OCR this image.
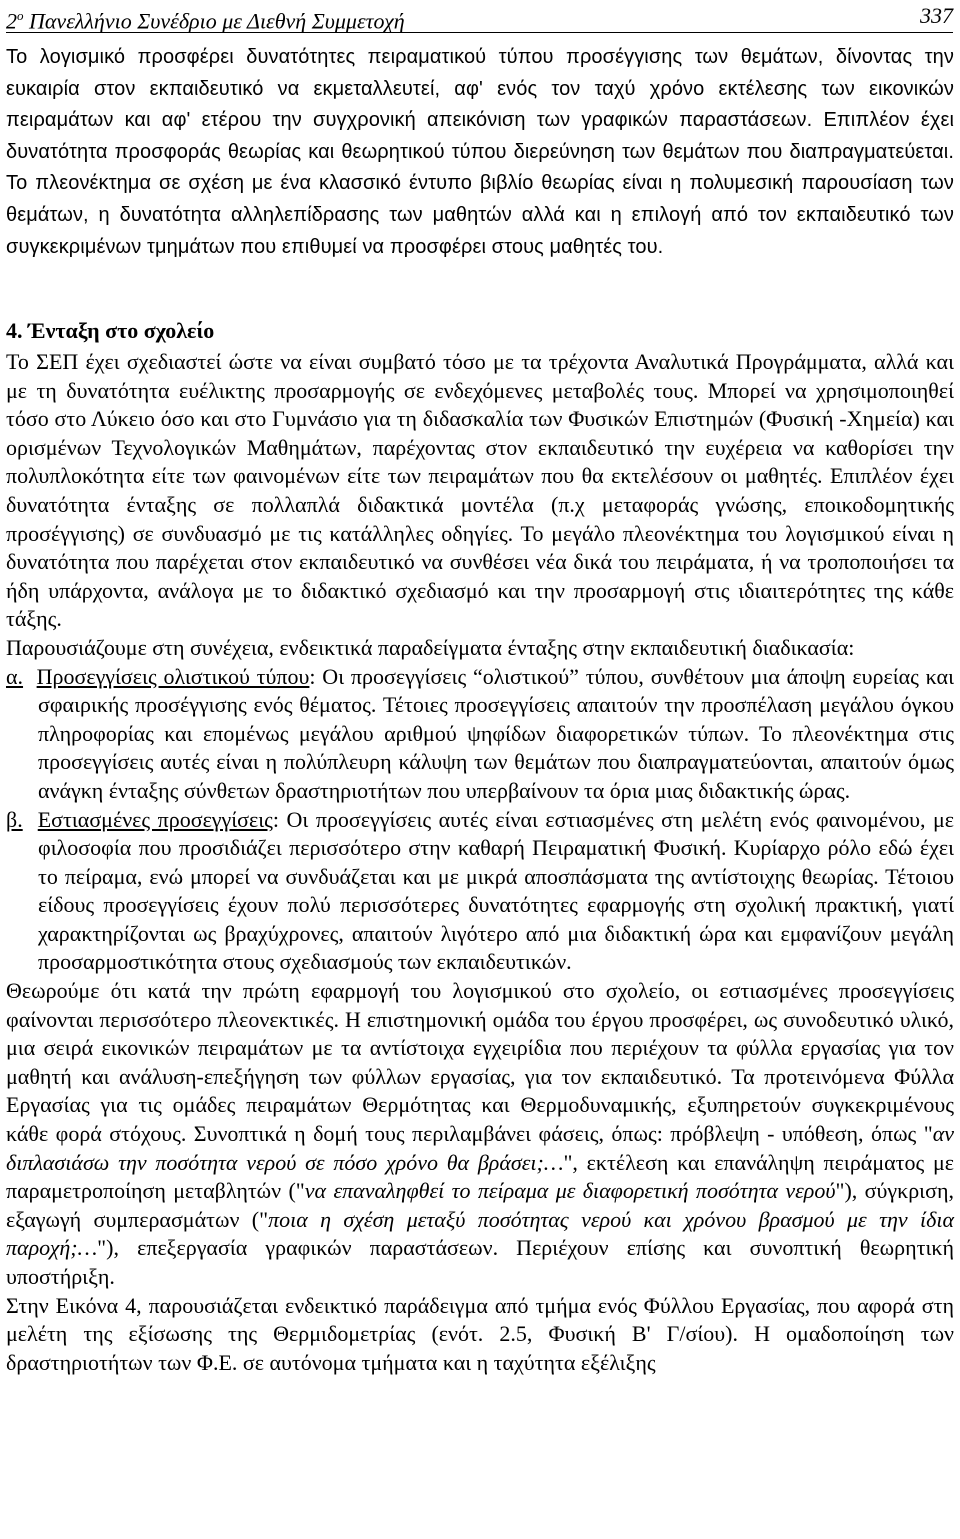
$2^o$ Πανελλήνιο Συνέδριο με Διεθνή Συμμετοχή	337
Το λογισμικό προσφέρει δυνατότητες πειραματικού τύπου προσέγγισης των θεμάτων, δίνοντας την ευκαιρία στον εκπαιδευτικό να εκμεταλλευτεί, αφ' ενός τον ταχύ χρόνο εκτέλεσης των εικονικών πειραμάτων και αφ' ετέρου την συγχρονική απεικόνιση των γραφικών παραστάσεων. Επιπλέον έχει δυνατότητα προσφοράς θεωρίας και θεωρητικού τύπου διερεύνηση των θεμάτων που διαπραγματεύεται. Το πλεονέκτημα σε σχέση με ένα κλασσικό έντυπο βιβλίο θεωρίας είναι η πολυμεσική παρουσίαση των θεμάτων, η δυνατότητα αλληλεπίδρασης των μαθητών αλλά και η επιλογή από τον εκπαιδευτικό των συγκεκριμένων τμημάτων που επιθυμεί να προσφέρει στους μαθητές του.
4. Ένταξη στο σχολείο
Το ΣΕΠ έχει σχεδιαστεί ώστε να είναι συμβατό τόσο με τα τρέχοντα Αναλυτικά Προγράμματα, αλλά και με τη δυνατότητα ευέλικτης προσαρμογής σε ενδεχόμενες μεταβολές τους. Μπορεί να χρησιμοποιηθεί τόσο στο Λύκειο όσο και στο Γυμνάσιο για τη διδασκαλία των Φυσικών Επιστημών (Φυσική -Χημεία) και ορισμένων Τεχνολογικών Μαθημάτων, παρέχοντας στον εκπαιδευτικό την ευχέρεια να καθορίσει την πολυπλοκότητα είτε των φαινομένων είτε των πειραμάτων που θα εκτελέσουν οι μαθητές. Επιπλέον έχει δυνατότητα ένταξης σε πολλαπλά διδακτικά μοντέλα (π.χ μεταφοράς γνώσης, εποικοδομητικής προσέγγισης) σε συνδυασμό με τις κατάλληλες οδηγίες. Το μεγάλο πλεονέκτημα του λογισμικού είναι η δυνατότητα που παρέχεται στον εκπαιδευτικό να συνθέσει νέα δικά του πειράματα, ή να τροποποιήσει τα ήδη υπάρχοντα, ανάλογα με το διδακτικό σχεδιασμό και την προσαρμογή στις ιδιαιτερότητες της κάθε τάξης.
Παρουσιάζουμε στη συνέχεια, ενδεικτικά παραδείγματα ένταξης στην εκπαιδευτική διαδικασία:
α. Προσεγγίσεις ολιστικού τύπου: Οι προσεγγίσεις “ολιστικού” τύπου, συνθέτουν μια άποψη ευρείας και σφαιρικής προσέγγισης ενός θέματος. Τέτοιες προσεγγίσεις απαιτούν την προσπέλαση μεγάλου όγκου πληροφορίας και επομένως μεγάλου αριθμού ψηφίδων διαφορετικών τύπων. Το πλεονέκτημα στις προσεγγίσεις αυτές είναι η πολύπλευρη κάλυψη των θεμάτων που διαπραγματεύονται, απαιτούν όμως ανάγκη ένταξης σύνθετων δραστηριοτήτων που υπερβαίνουν τα όρια μιας διδακτικής ώρας.
β. Εστιασμένες προσεγγίσεις: Οι προσεγγίσεις αυτές είναι εστιασμένες στη μελέτη ενός φαινομένου, με φιλοσοφία που προσιδιάζει περισσότερο στην καθαρή Πειραματική Φυσική. Κυρίαρχο ρόλο εδώ έχει το πείραμα, ενώ μπορεί να συνδυάζεται και με μικρά αποσπάσματα της αντίστοιχης θεωρίας. Τέτοιου είδους προσεγγίσεις έχουν πολύ περισσότερες δυνατότητες εφαρμογής στη σχολική πρακτική, γιατί χαρακτηρίζονται ως βραχύχρονες, απαιτούν λιγότερο από μια διδακτική ώρα και εμφανίζουν μεγάλη προσαρμοστικότητα στους σχεδιασμούς των εκπαιδευτικών.
Θεωρούμε ότι κατά την πρώτη εφαρμογή του λογισμικού στο σχολείο, οι εστιασμένες προσεγγίσεις φαίνονται περισσότερο πλεονεκτικές. Η επιστημονική ομάδα του έργου προσφέρει, ως συνοδευτικό υλικό, μια σειρά εικονικών πειραμάτων με τα αντίστοιχα εγχειρίδια που περιέχουν τα φύλλα εργασίας για τον μαθητή και ανάλυση-επεξήγηση των φύλλων εργασίας, για τον εκπαιδευτικό. Τα προτεινόμενα Φύλλα Εργασίας για τις ομάδες πειραμάτων Θερμότητας και Θερμοδυναμικής, εξυπηρετούν συγκεκριμένους κάθε φορά στόχους. Συνοπτικά η δομή τους περιλαμβάνει φάσεις, όπως: πρόβλεψη - υπόθεση, όπως "αν διπλασιάσω την ποσότητα νερού σε πόσο χρόνο θα βράσει;…", εκτέλεση και επανάληψη πειράματος με παραμετροποίηση μεταβλητών ("να επαναληφθεί το πείραμα με διαφορετική ποσότητα νερού"), σύγκριση, εξαγωγή συμπερασμάτων ("ποια η σχέση μεταξύ ποσότητας νερού και χρόνου βρασμού με την ίδια παροχή;…"), επεξεργασία γραφικών παραστάσεων. Περιέχουν επίσης και συνοπτική θεωρητική υποστήριξη.
Στην Εικόνα 4, παρουσιάζεται ενδεικτικό παράδειγμα από τμήμα ενός Φύλλου Εργασίας, που αφορά στη μελέτη της εξίσωσης της Θερμιδομετρίας (ενότ. 2.5, Φυσική Β' Γ/σίου). Η ομαδοποίηση των δραστηριοτήτων των Φ.Ε. σε αυτόνομα τμήματα και η ταχύτητα εξέλιξης
